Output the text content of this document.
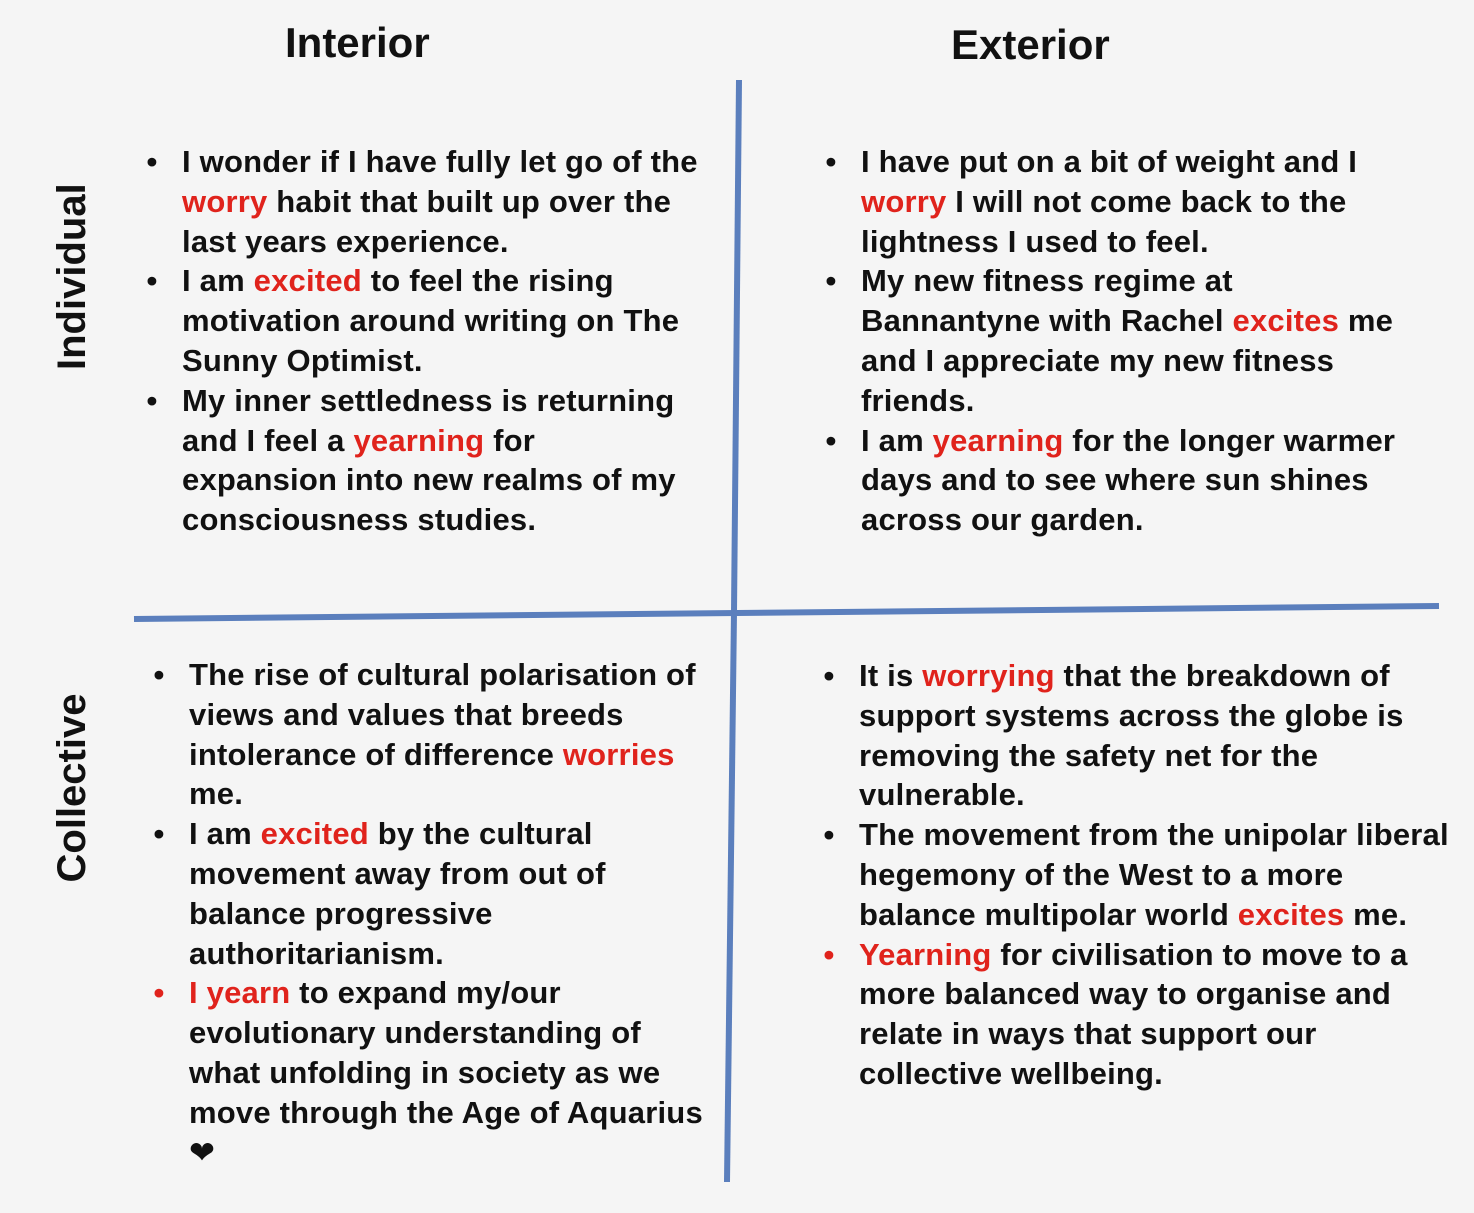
Interior	Exterior
Individual
Collective
• I wonder if I have fully let go of the worry habit that built up over the last years experience.
• I am excited to feel the rising motivation around writing on The Sunny Optimist.
• My inner settledness is returning and I feel a yearning for expansion into new realms of my consciousness studies.
• I have put on a bit of weight and I worry I will not come back to the lightness I used to feel.
• My new fitness regime at Bannantyne with Rachel excites me and I appreciate my new fitness friends.
• I am yearning for the longer warmer days and to see where sun shines across our garden.
• The rise of cultural polarisation of views and values that breeds intolerance of difference worries me.
• I am excited by the cultural movement away from out of balance progressive authoritarianism.
• I yearn to expand my/our evolutionary understanding of what unfolding in society as we move through the Age of Aquarius ❤
• It is worrying that the breakdown of support systems across the globe is removing the safety net for the vulnerable.
• The movement from the unipolar liberal hegemony of the West to a more balance multipolar world excites me.
• Yearning for civilisation to move to a more balanced way to organise and relate in ways that support our collective wellbeing.
